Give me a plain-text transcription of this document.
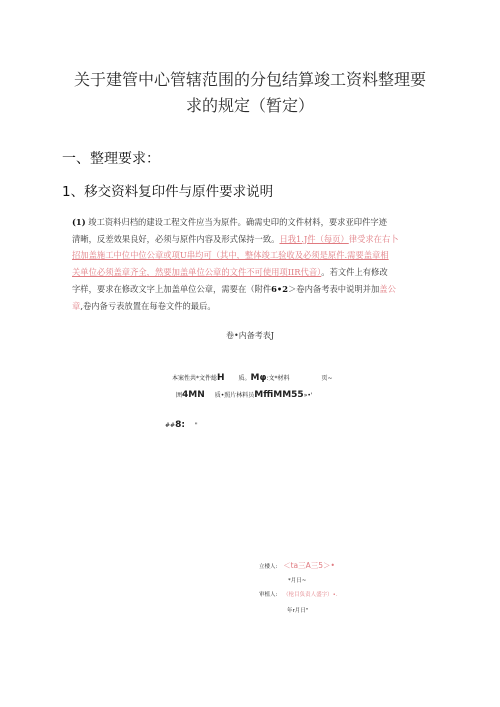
关于建管中心管辖范围的分包结算竣工资料整理要
求的规定（暂定）
一、整理要求：
1、移交资料复印件与原件要求说明
(1) 竣工资料归档的建设工程文件应当为原件。确需史印的文件材料，要求亚印件字迹
清晰，反差效果良好，必须与原件内容及形式保持一致。日我1.J件（每页）律受求在右卜
招加盖施工中位中位公章或项U串均可（其中，整体竣工验收及必须是原件.需要盖章相
关单位必须盖章齐全，然要加盖单位公章的文件不可使用项IIR代音）。若文件上有修改
字样，要求在修改文字上加盖单位公章，需要在（附件6•2＞卷内备考表中说明并加盖公
章,卷内备亏表放置在每卷文件的最后。
卷•内备考表J
本案性共*文件総H 质。Mφ:文*材料	页~
囲4MN 质•照片林料员MffiMM55»•'
##8: "
立楼人: ＜ta三A三5＞•
*月日~
审植人: （枪目负责人盛字）•.
年r月日"
